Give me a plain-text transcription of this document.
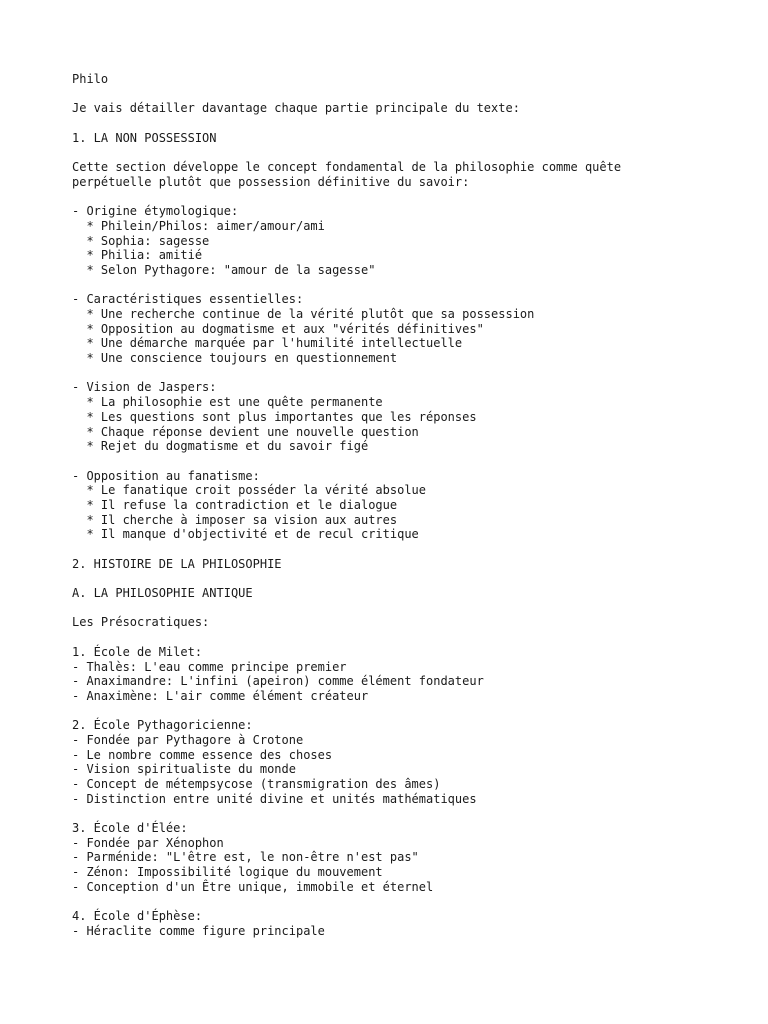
Philo
Je vais détailler davantage chaque partie principale du texte:
1. LA NON POSSESSION
Cette section développe le concept fondamental de la philosophie comme quête
perpétuelle plutôt que possession définitive du savoir:
- Origine étymologique:
* Philein/Philos: aimer/amour/ami
* Sophia: sagesse
* Philia: amitié
* Selon Pythagore: "amour de la sagesse"
- Caractéristiques essentielles:
* Une recherche continue de la vérité plutôt que sa possession
* Opposition au dogmatisme et aux "vérités définitives"
* Une démarche marquée par l'humilité intellectuelle
* Une conscience toujours en questionnement
- Vision de Jaspers:
* La philosophie est une quête permanente
* Les questions sont plus importantes que les réponses
* Chaque réponse devient une nouvelle question
* Rejet du dogmatisme et du savoir figé
- Opposition au fanatisme:
* Le fanatique croit posséder la vérité absolue
* Il refuse la contradiction et le dialogue
* Il cherche à imposer sa vision aux autres
* Il manque d'objectivité et de recul critique
2. HISTOIRE DE LA PHILOSOPHIE
A. LA PHILOSOPHIE ANTIQUE
Les Présocratiques:
1. École de Milet:
- Thalès: L'eau comme principe premier
- Anaximandre: L'infini (apeiron) comme élément fondateur
- Anaximène: L'air comme élément créateur
2. École Pythagoricienne:
- Fondée par Pythagore à Crotone
- Le nombre comme essence des choses
- Vision spiritualiste du monde
- Concept de métempsycose (transmigration des âmes)
- Distinction entre unité divine et unités mathématiques
3. École d'Élée:
- Fondée par Xénophon
- Parménide: "L'être est, le non-être n'est pas"
- Zénon: Impossibilité logique du mouvement
- Conception d'un Être unique, immobile et éternel
4. École d'Éphèse:
- Héraclite comme figure principale
